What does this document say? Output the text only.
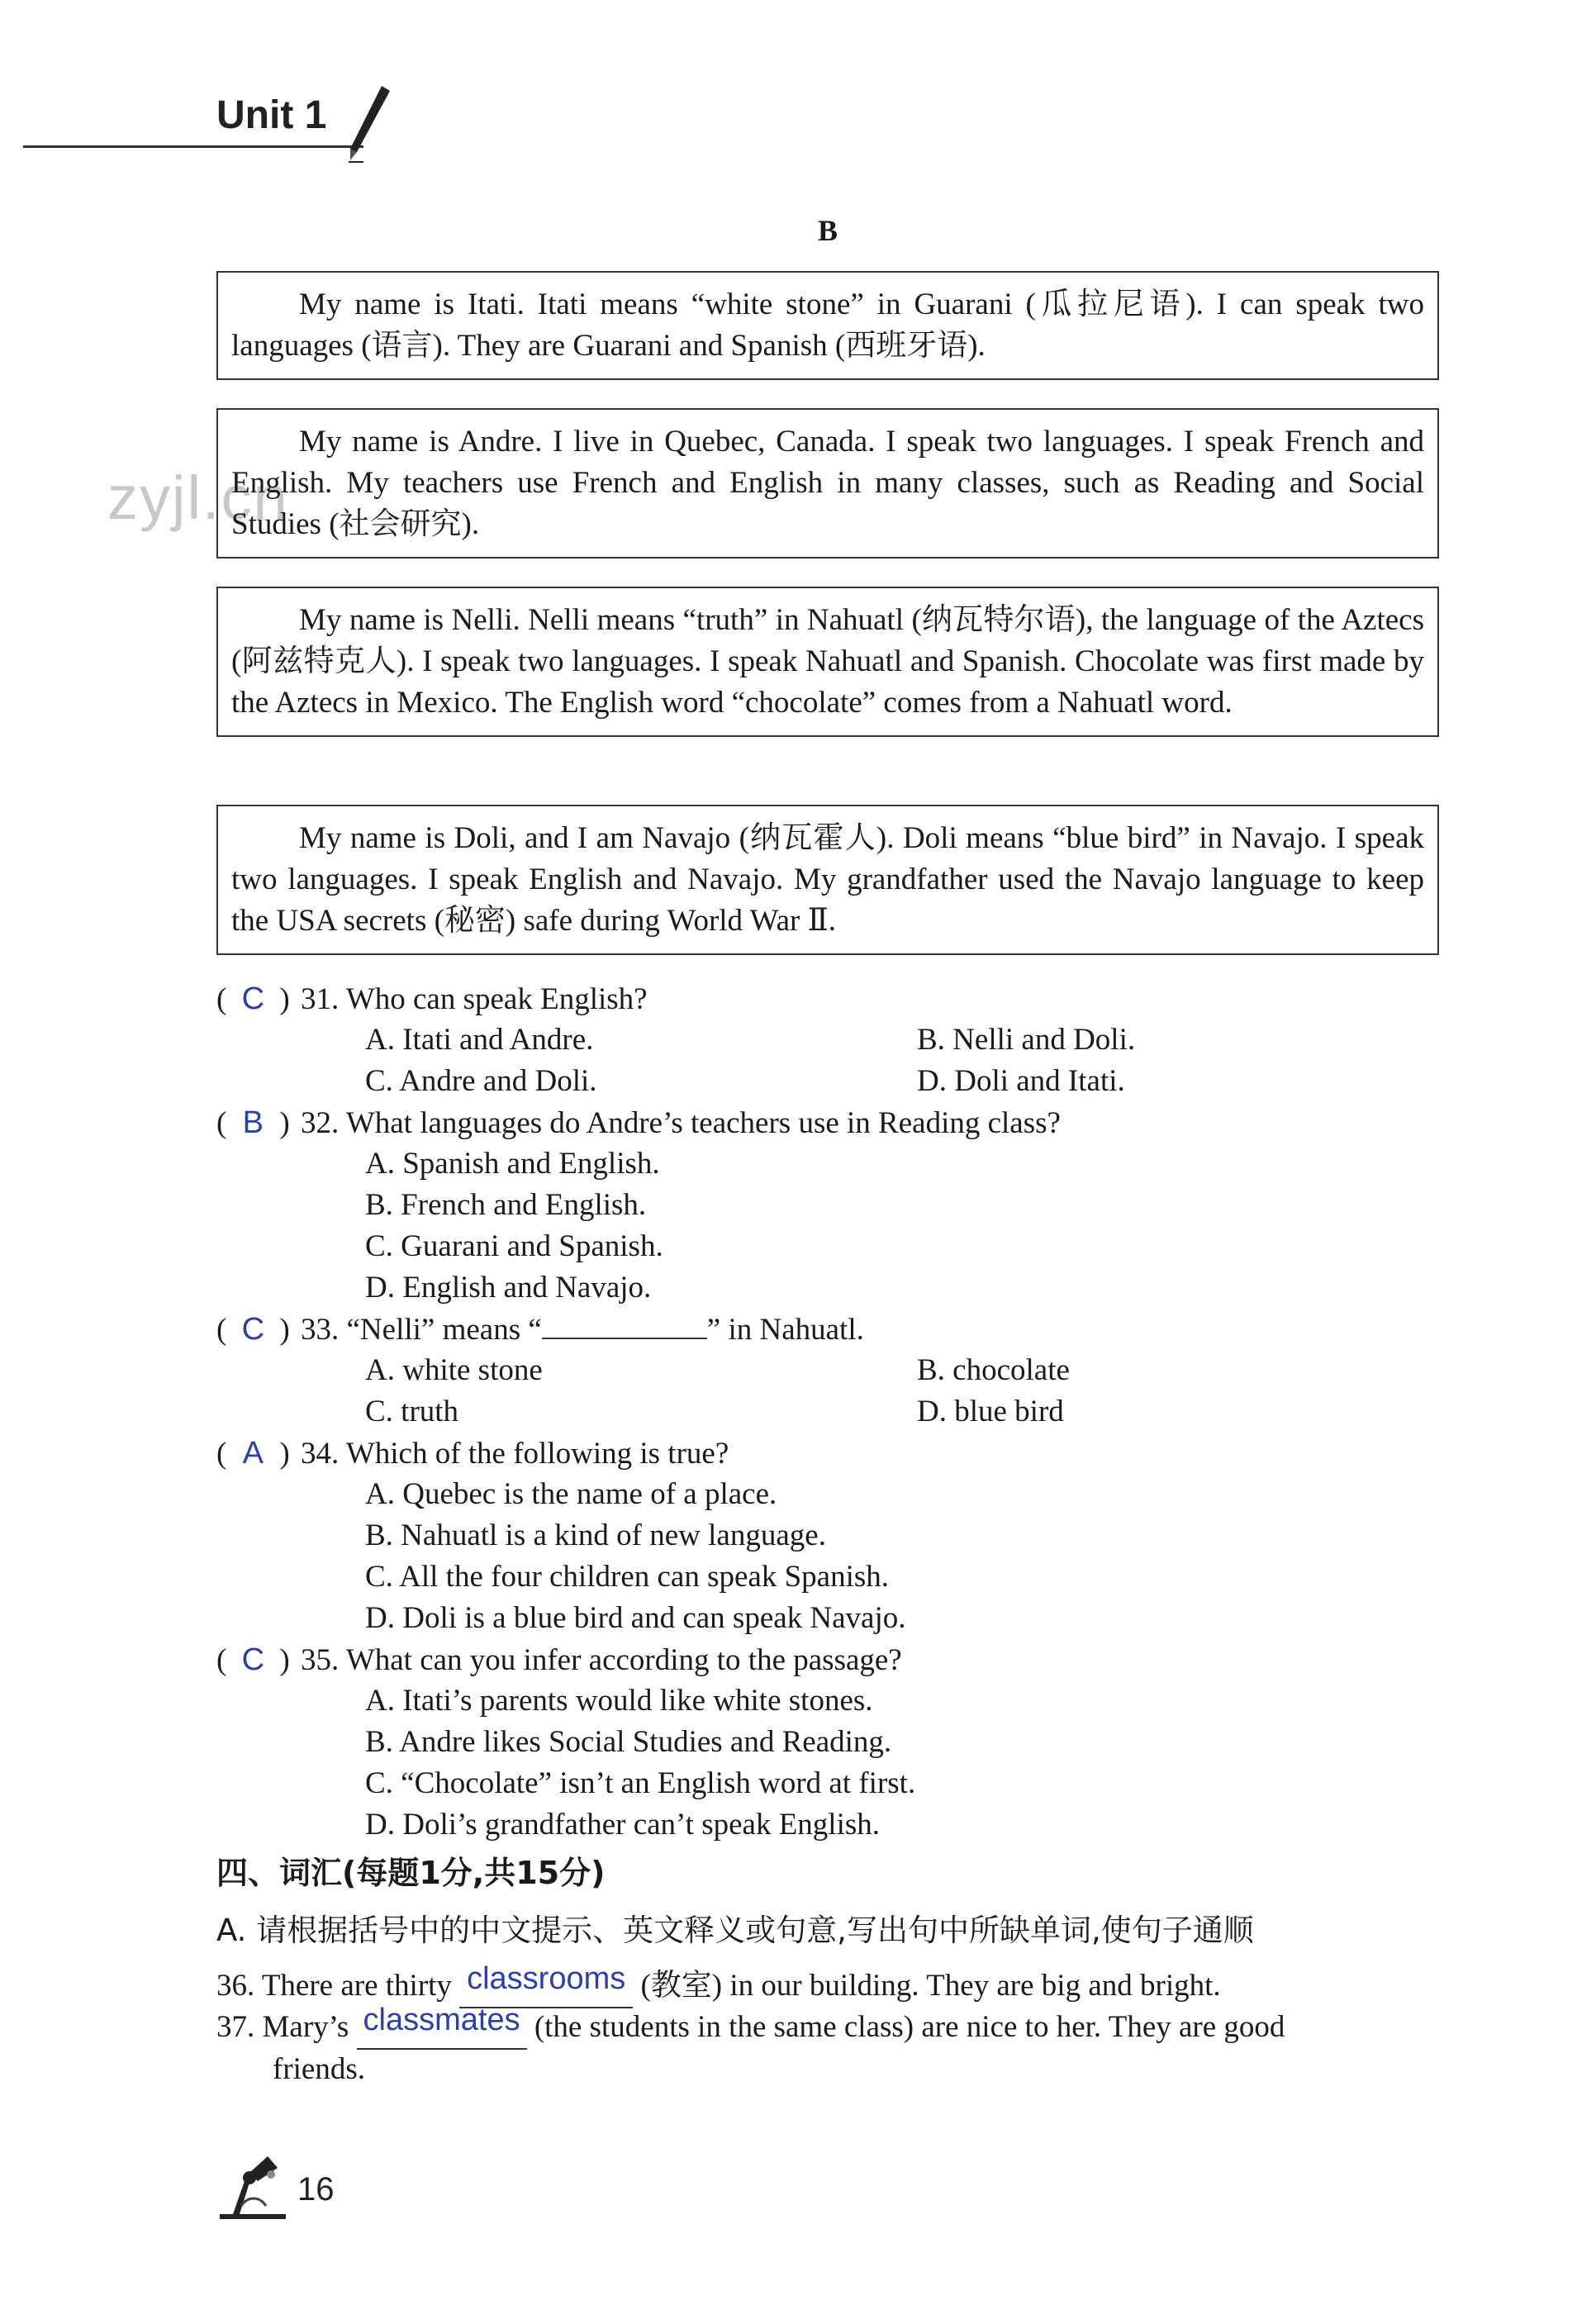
Unit 1
B
zyjl.cn

My name is Itati. Itati means “white stone” in Guarani (瓜拉尼语). I can speak two languages (语言). They are Guarani and Spanish (西班牙语).

My name is Andre. I live in Quebec, Canada. I speak two languages. I speak French and English. My teachers use French and English in many classes, such as Reading and Social Studies (社会研究).

My name is Nelli. Nelli means “truth” in Nahuatl (纳瓦特尔语), the language of the Aztecs (阿兹特克人). I speak two languages. I speak Nahuatl and Spanish. Chocolate was first made by the Aztecs in Mexico. The English word “chocolate” comes from a Nahuatl word.

My name is Doli, and I am Navajo (纳瓦霍人). Doli means “blue bird” in Navajo. I speak two languages. I speak English and Navajo. My grandfather used the Navajo language to keep the USA secrets (秘密) safe during World War Ⅱ.

( C ) 31. Who can speak English?
A. Itati and Andre.	B. Nelli and Doli.
C. Andre and Doli.	D. Doli and Itati.
( B ) 32. What languages do Andre’s teachers use in Reading class?
A. Spanish and English.
B. French and English.
C. Guarani and Spanish.
D. English and Navajo.
( C ) 33. “Nelli” means “	” in Nahuatl.
A. white stone	B. chocolate
C. truth	D. blue bird
( A ) 34. Which of the following is true?
A. Quebec is the name of a place.
B. Nahuatl is a kind of new language.
C. All the four children can speak Spanish.
D. Doli is a blue bird and can speak Navajo.
( C ) 35. What can you infer according to the passage?
A. Itati’s parents would like white stones.
B. Andre likes Social Studies and Reading.
C. “Chocolate” isn’t an English word at first.
D. Doli’s grandfather can’t speak English.
四、词汇(每题1分,共15分)
A. 请根据括号中的中文提示、英文释义或句意,写出句中所缺单词,使句子通顺
36. There are thirty classrooms (教室) in our building. They are big and bright.
37. Mary’s classmates (the students in the same class) are nice to her. They are good
friends.
16
